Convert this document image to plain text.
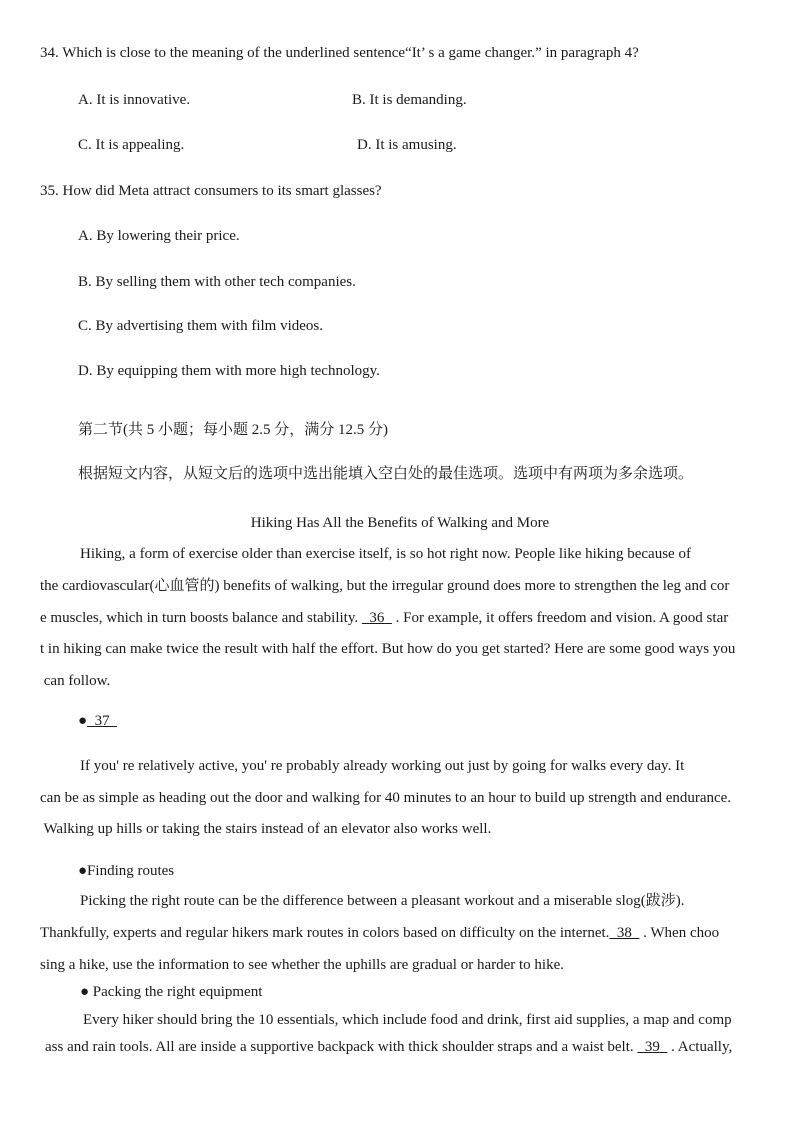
34. Which is close to the meaning of the underlined sentence“It’ s a game changer.” in paragraph 4?
A. It is innovative.	B. It is demanding.
C. It is appealing.	D. It is amusing.
35. How did Meta attract consumers to its smart glasses?
A. By lowering their price.
B. By selling them with other tech companies.
C. By advertising them with film videos.
D. By equipping them with more high technology.
第二节(共 5 小题；每小题 2.5 分，满分 12.5 分)
根据短文内容，从短文后的选项中选出能填入空白处的最佳选项。选项中有两项为多余选项。
Hiking Has All the Benefits of Walking and More
Hiking, a form of exercise older than exercise itself, is so hot right now. People like hiking because of
the cardiovascular(心血管的) benefits of walking, but the irregular ground does more to strengthen the leg and cor
e muscles, which in turn boosts balance and stability. 36 . For example, it offers freedom and vision. A good star
t in hiking can make twice the result with half the effort. But how do you get started? Here are some good ways you
can follow.
● 37
If you' re relatively active, you' re probably already working out just by going for walks every day. It
can be as simple as heading out the door and walking for 40 minutes to an hour to build up strength and endurance.
Walking up hills or taking the stairs instead of an elevator also works well.
●Finding routes
Picking the right route can be the difference between a pleasant workout and a miserable slog(跋涉).
Thankfully, experts and regular hikers mark routes in colors based on difficulty on the internet. 38 . When choo
sing a hike, use the information to see whether the uphills are gradual or harder to hike.
● Packing the right equipment
Every hiker should bring the 10 essentials, which include food and drink, first aid supplies, a map and comp
ass and rain tools. All are inside a supportive backpack with thick shoulder straps and a waist belt. 39 . Actually,
